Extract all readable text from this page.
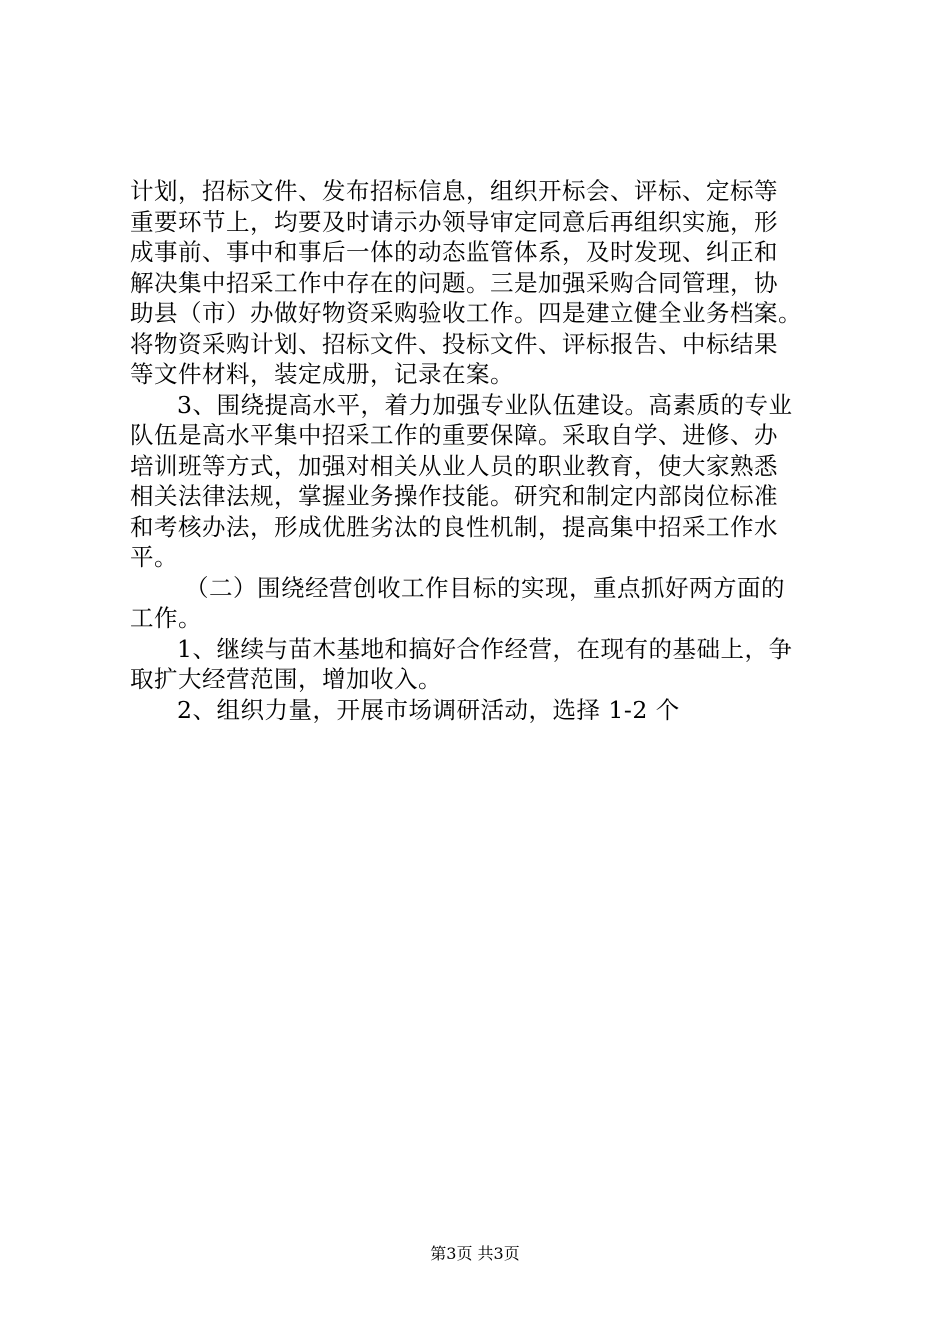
计划，招标文件、发布招标信息，组织开标会、评标、定标等
重要环节上，均要及时请示办领导审定同意后再组织实施，形
成事前、事中和事后一体的动态监管体系，及时发现、纠正和
解决集中招采工作中存在的问题。三是加强采购合同管理，协
助县（市）办做好物资采购验收工作。四是建立健全业务档案。
将物资采购计划、招标文件、投标文件、评标报告、中标结果
等文件材料，装定成册，记录在案。
3、围绕提高水平，着力加强专业队伍建设。高素质的专业
队伍是高水平集中招采工作的重要保障。采取自学、进修、办
培训班等方式，加强对相关从业人员的职业教育，使大家熟悉
相关法律法规，掌握业务操作技能。研究和制定内部岗位标准
和考核办法，形成优胜劣汰的良性机制，提高集中招采工作水
平。
（二）围绕经营创收工作目标的实现，重点抓好两方面的
工作。
1、继续与苗木基地和搞好合作经营，在现有的基础上，争
取扩大经营范围，增加收入。
2、组织力量，开展市场调研活动，选择 1-2 个
第3页 共3页
